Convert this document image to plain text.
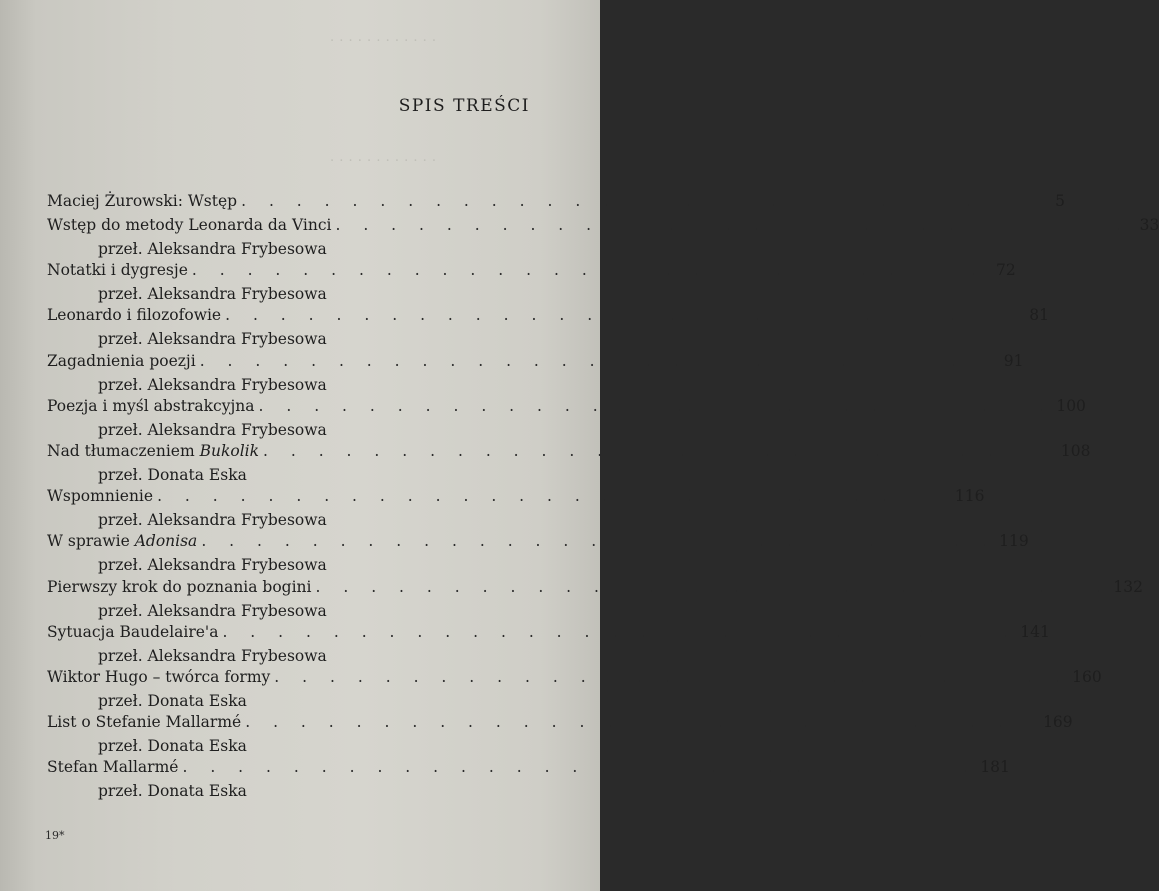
. . . . . . . . . . . .
. . . . . . . . . . . .
SPIS TREŚCI
Maciej Żurowski: Wstęp . . . . . . . . . . . . . . . . . . . . . . . . . . . . .	5
Wstęp do metody Leonarda da Vinci . . . . . . . . . . . . . . . . . . . . . . . . . . . . . 33
przeł. Aleksandra Frybesowa
Notatki i dygresje . . . . . . . . . . . . . . . . . . . . . . . . . . . . . 72
przeł. Aleksandra Frybesowa
Leonardo i filozofowie . . . . . . . . . . . . . . . . . . . . . . . . . . . . . 81
przeł. Aleksandra Frybesowa
Zagadnienia poezji . . . . . . . . . . . . . . . . . . . . . . . . . . . . . 91
przeł. Aleksandra Frybesowa
Poezja i myśl abstrakcyjna . . . . . . . . . . . . . . . . . . . . . . . . . . . . . 100
przeł. Aleksandra Frybesowa
Nad tłumaczeniem Bukolik . . . . . . . . . . . . . . . . . . . . . . . . . . . . . 108
przeł. Donata Eska
Wspomnienie . . . . . . . . . . . . . . . . . . . . . . . . . . . . . 116
przeł. Aleksandra Frybesowa
W sprawie Adonisa . . . . . . . . . . . . . . . . . . . . . . . . . . . . . 119
przeł. Aleksandra Frybesowa
Pierwszy krok do poznania bogini . . . . . . . . . . . . . . . . . . . . . . . . . . . . . 132
przeł. Aleksandra Frybesowa
Sytuacja Baudelaire'a . . . . . . . . . . . . . . . . . . . . . . . . . . . . . 141
przeł. Aleksandra Frybesowa
Wiktor Hugo – twórca formy . . . . . . . . . . . . . . . . . . . . . . . . . . . . . 160
przeł. Donata Eska
List o Stefanie Mallarmé . . . . . . . . . . . . . . . . . . . . . . . . . . . . . 169
przeł. Donata Eska
Stefan Mallarmé . . . . . . . . . . . . . . . . . . . . . . . . . . . . . 181
przeł. Donata Eska
19*
